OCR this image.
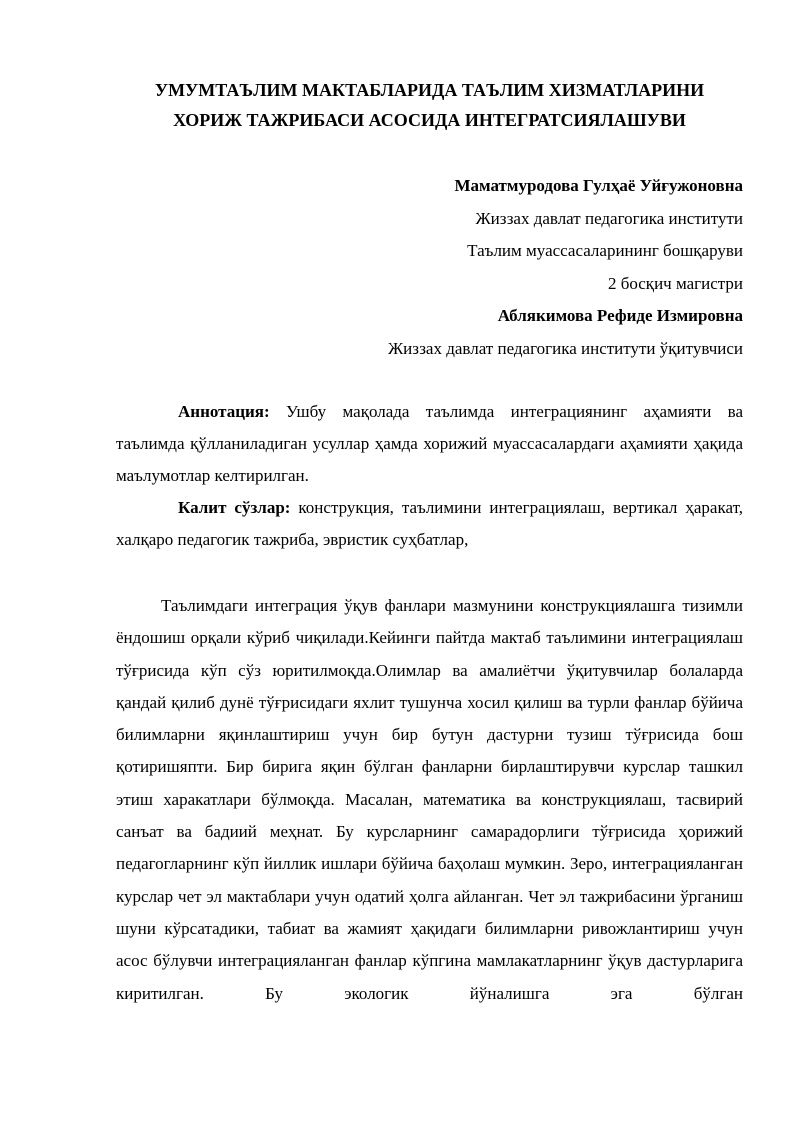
УМУМТАЪЛИМ МАКТАБЛАРИДА ТАЪЛИМ ХИЗМАТЛАРИНИ
ХОРИЖ ТАЖРИБАСИ АСОСИДА ИНТЕГРАТСИЯЛАШУВИ
Маматмуродова Гулҳаё Уйғужоновна
Жиззах давлат педагогика институти
Таълим муассасаларининг бошқаруви
2 босқич магистри
Аблякимова Рефиде Измировна
Жиззах давлат педагогика институти ўқитувчиси

Аннотация: Ушбу мақолада таълимда интеграциянинг аҳамияти ва таълимда қўлланиладиган усуллар ҳамда хорижий муассасалардаги аҳамияти ҳақида маълумотлар келтирилган.

Калит сўзлар: конструкция, таълимини интеграциялаш, вертикал ҳаракат, халқаро педагогик тажриба, эвристик суҳбатлар,

Таълимдаги интеграция ўқув фанлари мазмунини конструкциялашга тизимли ёндошиш орқали кўриб чиқилади.Кейинги пайтда мактаб таълимини интеграциялаш тўғрисида кўп сўз юритилмоқда.Олимлар ва амалиётчи ўқитувчилар болаларда қандай қилиб дунё тўғрисидаги яхлит тушунча хосил қилиш ва турли фанлар бўйича билимларни яқинлаштириш учун бир бутун дастурни тузиш тўғрисида бош қотиришяпти. Бир бирига яқин бўлган фанларни бирлаштирувчи курслар ташкил этиш харакатлари бўлмоқда. Масалан, математика ва конструкциялаш, тасвирий санъат ва бадиий меҳнат. Бу курсларнинг самарадорлиги тўғрисида ҳорижий педагогларнинг кўп йиллик ишлари бўйича баҳолаш мумкин. Зеро, интеграцияланган курслар чет эл мактаблари учун одатий ҳолга айланган. Чет эл тажрибасини ўрганиш шуни кўрсатадики, табиат ва жамият ҳақидаги билимларни ривожлантириш учун асос бўлувчи интеграцияланган фанлар кўпгина мамлакатларнинг ўқув дастурларига киритилган. Бу экологик йўналишга эга бўлган
